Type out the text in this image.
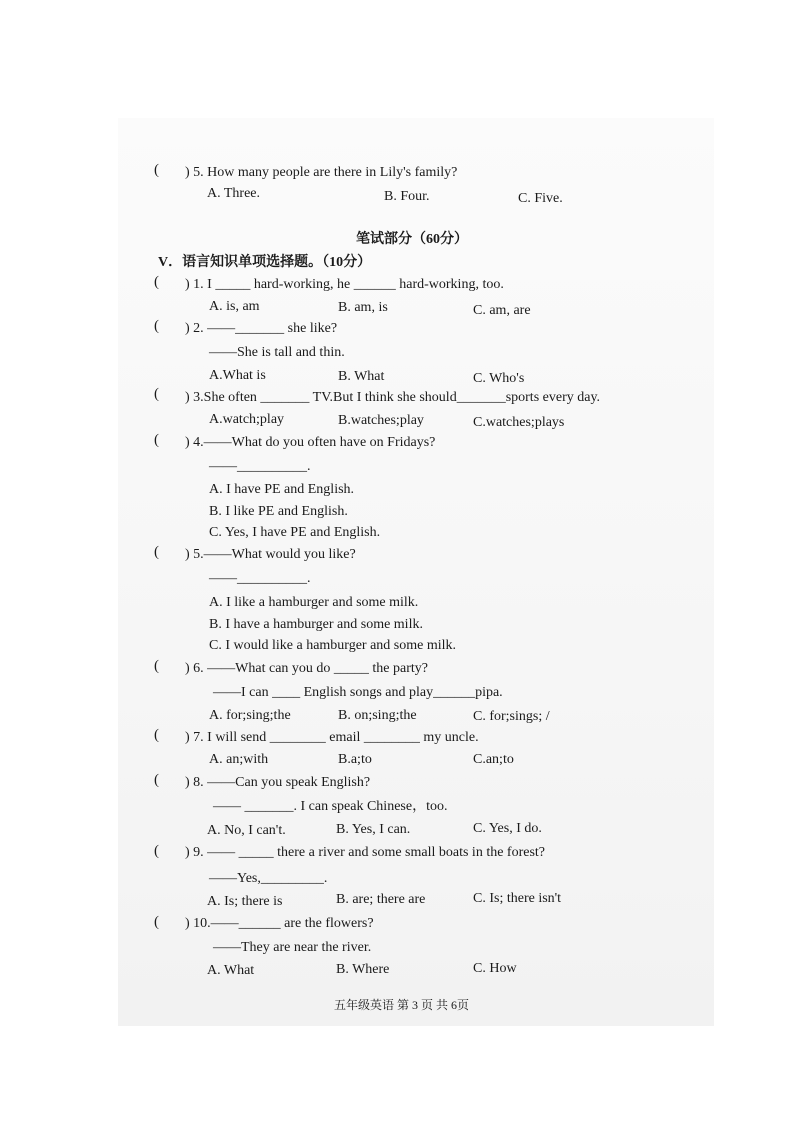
( ) 5. How many people are there in Lily's family?
A. Three.	B. Four.	C. Five.
笔试部分（60分）
V．语言知识单项选择题。（10分）
( ) 1. I _____ hard-working, he ______ hard-working, too.
A. is, am	B. am, is	C. am, are
( ) 2. ——_______ she like?
——She is tall and thin.
A.What is	B. What	C. Who's
( ) 3.She often _______ TV.But I think she should_______sports every day.
A.watch;play	B.watches;play	C.watches;plays
( ) 4.——What do you often have on Fridays?
——__________.
A. I have PE and English.
B. I like PE and English.
C. Yes, I have PE and English.
( ) 5.——What would you like?
——__________.
A. I like a hamburger and some milk.
B. I have a hamburger and some milk.
C. I would like a hamburger and some milk.
( ) 6. ——What can you do _____ the party?
——I can ____ English songs and play______pipa.
A. for;sing;the	B. on;sing;the	C. for;sings; /
( ) 7. I will send ________ email ________ my uncle.
A. an;with	B.a;to	C.an;to
( ) 8. ——Can you speak English?
—— _______. I can speak Chinese，too.
A. No, I can't.	B. Yes, I can.	C. Yes, I do.
( ) 9. —— _____ there a river and some small boats in the forest?
——Yes,_________.
A. Is; there is	B. are; there are	C. Is; there isn't
( ) 10.——______ are the flowers?
——They are near the river.
A. What	B. Where	C. How
五年级英语 第 3 页 共 6页
